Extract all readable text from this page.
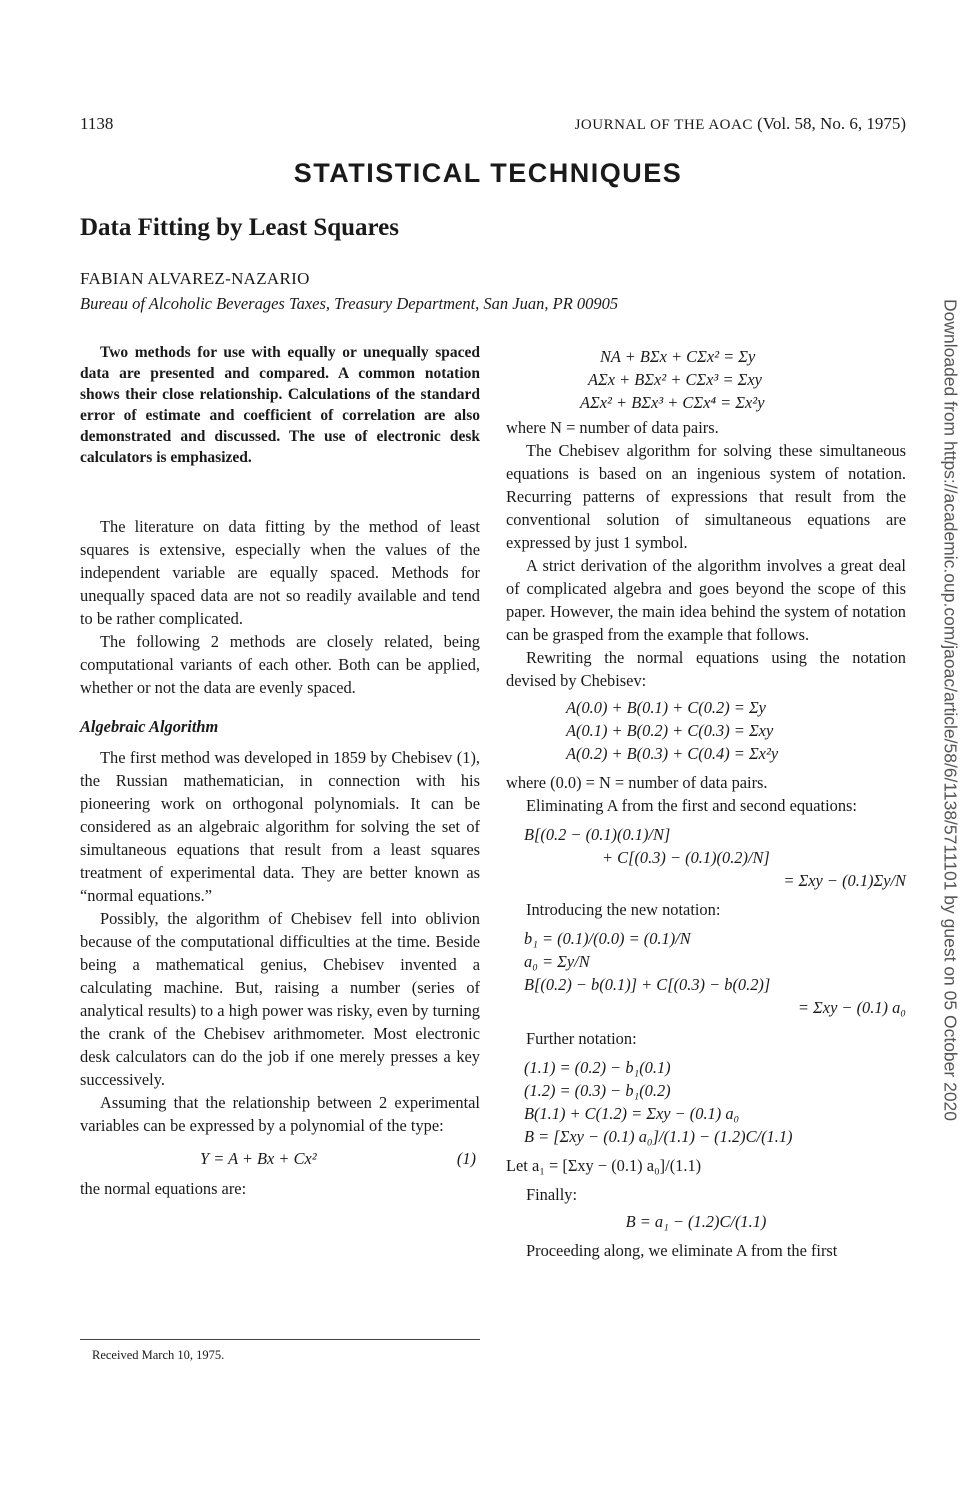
1138	JOURNAL OF THE AOAC (Vol. 58, No. 6, 1975)
STATISTICAL TECHNIQUES
Data Fitting by Least Squares
FABIAN ALVAREZ-NAZARIO
Bureau of Alcoholic Beverages Taxes, Treasury Department, San Juan, PR 00905
Two methods for use with equally or unequally spaced data are presented and compared. A common notation shows their close relationship. Calculations of the standard error of estimate and coefficient of correlation are also demonstrated and discussed. The use of electronic desk calculators is emphasized.

The literature on data fitting by the method of least squares is extensive, especially when the values of the independent variable are equally spaced. Methods for unequally spaced data are not so readily available and tend to be rather complicated.

The following 2 methods are closely related, being computational variants of each other. Both can be applied, whether or not the data are evenly spaced.

Algebraic Algorithm

The first method was developed in 1859 by Chebisev (1), the Russian mathematician, in connection with his pioneering work on orthogonal polynomials. It can be considered as an algebraic algorithm for solving the set of simultaneous equations that result from a least squares treatment of experimental data. They are better known as “normal equations.”

Possibly, the algorithm of Chebisev fell into oblivion because of the computational difficulties at the time. Beside being a mathematical genius, Chebisev invented a calculating machine. But, raising a number (series of analytical results) to a high power was risky, even by turning the crank of the Chebisev arithmometer. Most electronic desk calculators can do the job if one merely presses a key successively.

Assuming that the relationship between 2 experimental variables can be expressed by a polynomial of the type:

Y = A + Bx + Cx²	(1)

the normal equations are:

Received March 10, 1975.
NA + BΣx + CΣx² = Σy
AΣx + BΣx² + CΣx³ = Σxy
AΣx² + BΣx³ + CΣx⁴ = Σx²y

where N = number of data pairs.

The Chebisev algorithm for solving these simultaneous equations is based on an ingenious system of notation. Recurring patterns of expressions that result from the conventional solution of simultaneous equations are expressed by just 1 symbol.

A strict derivation of the algorithm involves a great deal of complicated algebra and goes beyond the scope of this paper. However, the main idea behind the system of notation can be grasped from the example that follows.

Rewriting the normal equations using the notation devised by Chebisev:

A(0.0) + B(0.1) + C(0.2) = Σy
A(0.1) + B(0.2) + C(0.3) = Σxy
A(0.2) + B(0.3) + C(0.4) = Σx²y

where (0.0) = N = number of data pairs.

Eliminating A from the first and second equations:

B[(0.2 − (0.1)(0.1)/N]
+ C[(0.3) − (0.1)(0.2)/N]
= Σxy − (0.1)Σy/N

Introducing the new notation:

b₁ = (0.1)/(0.0) = (0.1)/N
a₀ = Σy/N
B[(0.2) − b(0.1)] + C[(0.3) − b(0.2)]
= Σxy − (0.1) a₀

Further notation:

(1.1) = (0.2) − b₁(0.1)
(1.2) = (0.3) − b₁(0.2)
B(1.1) + C(1.2) = Σxy − (0.1) a₀
B = [Σxy − (0.1) a₀]/(1.1) − (1.2)C/(1.1)
Let a₁ = [Σxy − (0.1) a₀]/(1.1)

Finally:

B = a₁ − (1.2)C/(1.1)

Proceeding along, we eliminate A from the first

Downloaded from https://academic.oup.com/jaoac/article/58/6/1138/5711101 by guest on 05 October 2020
